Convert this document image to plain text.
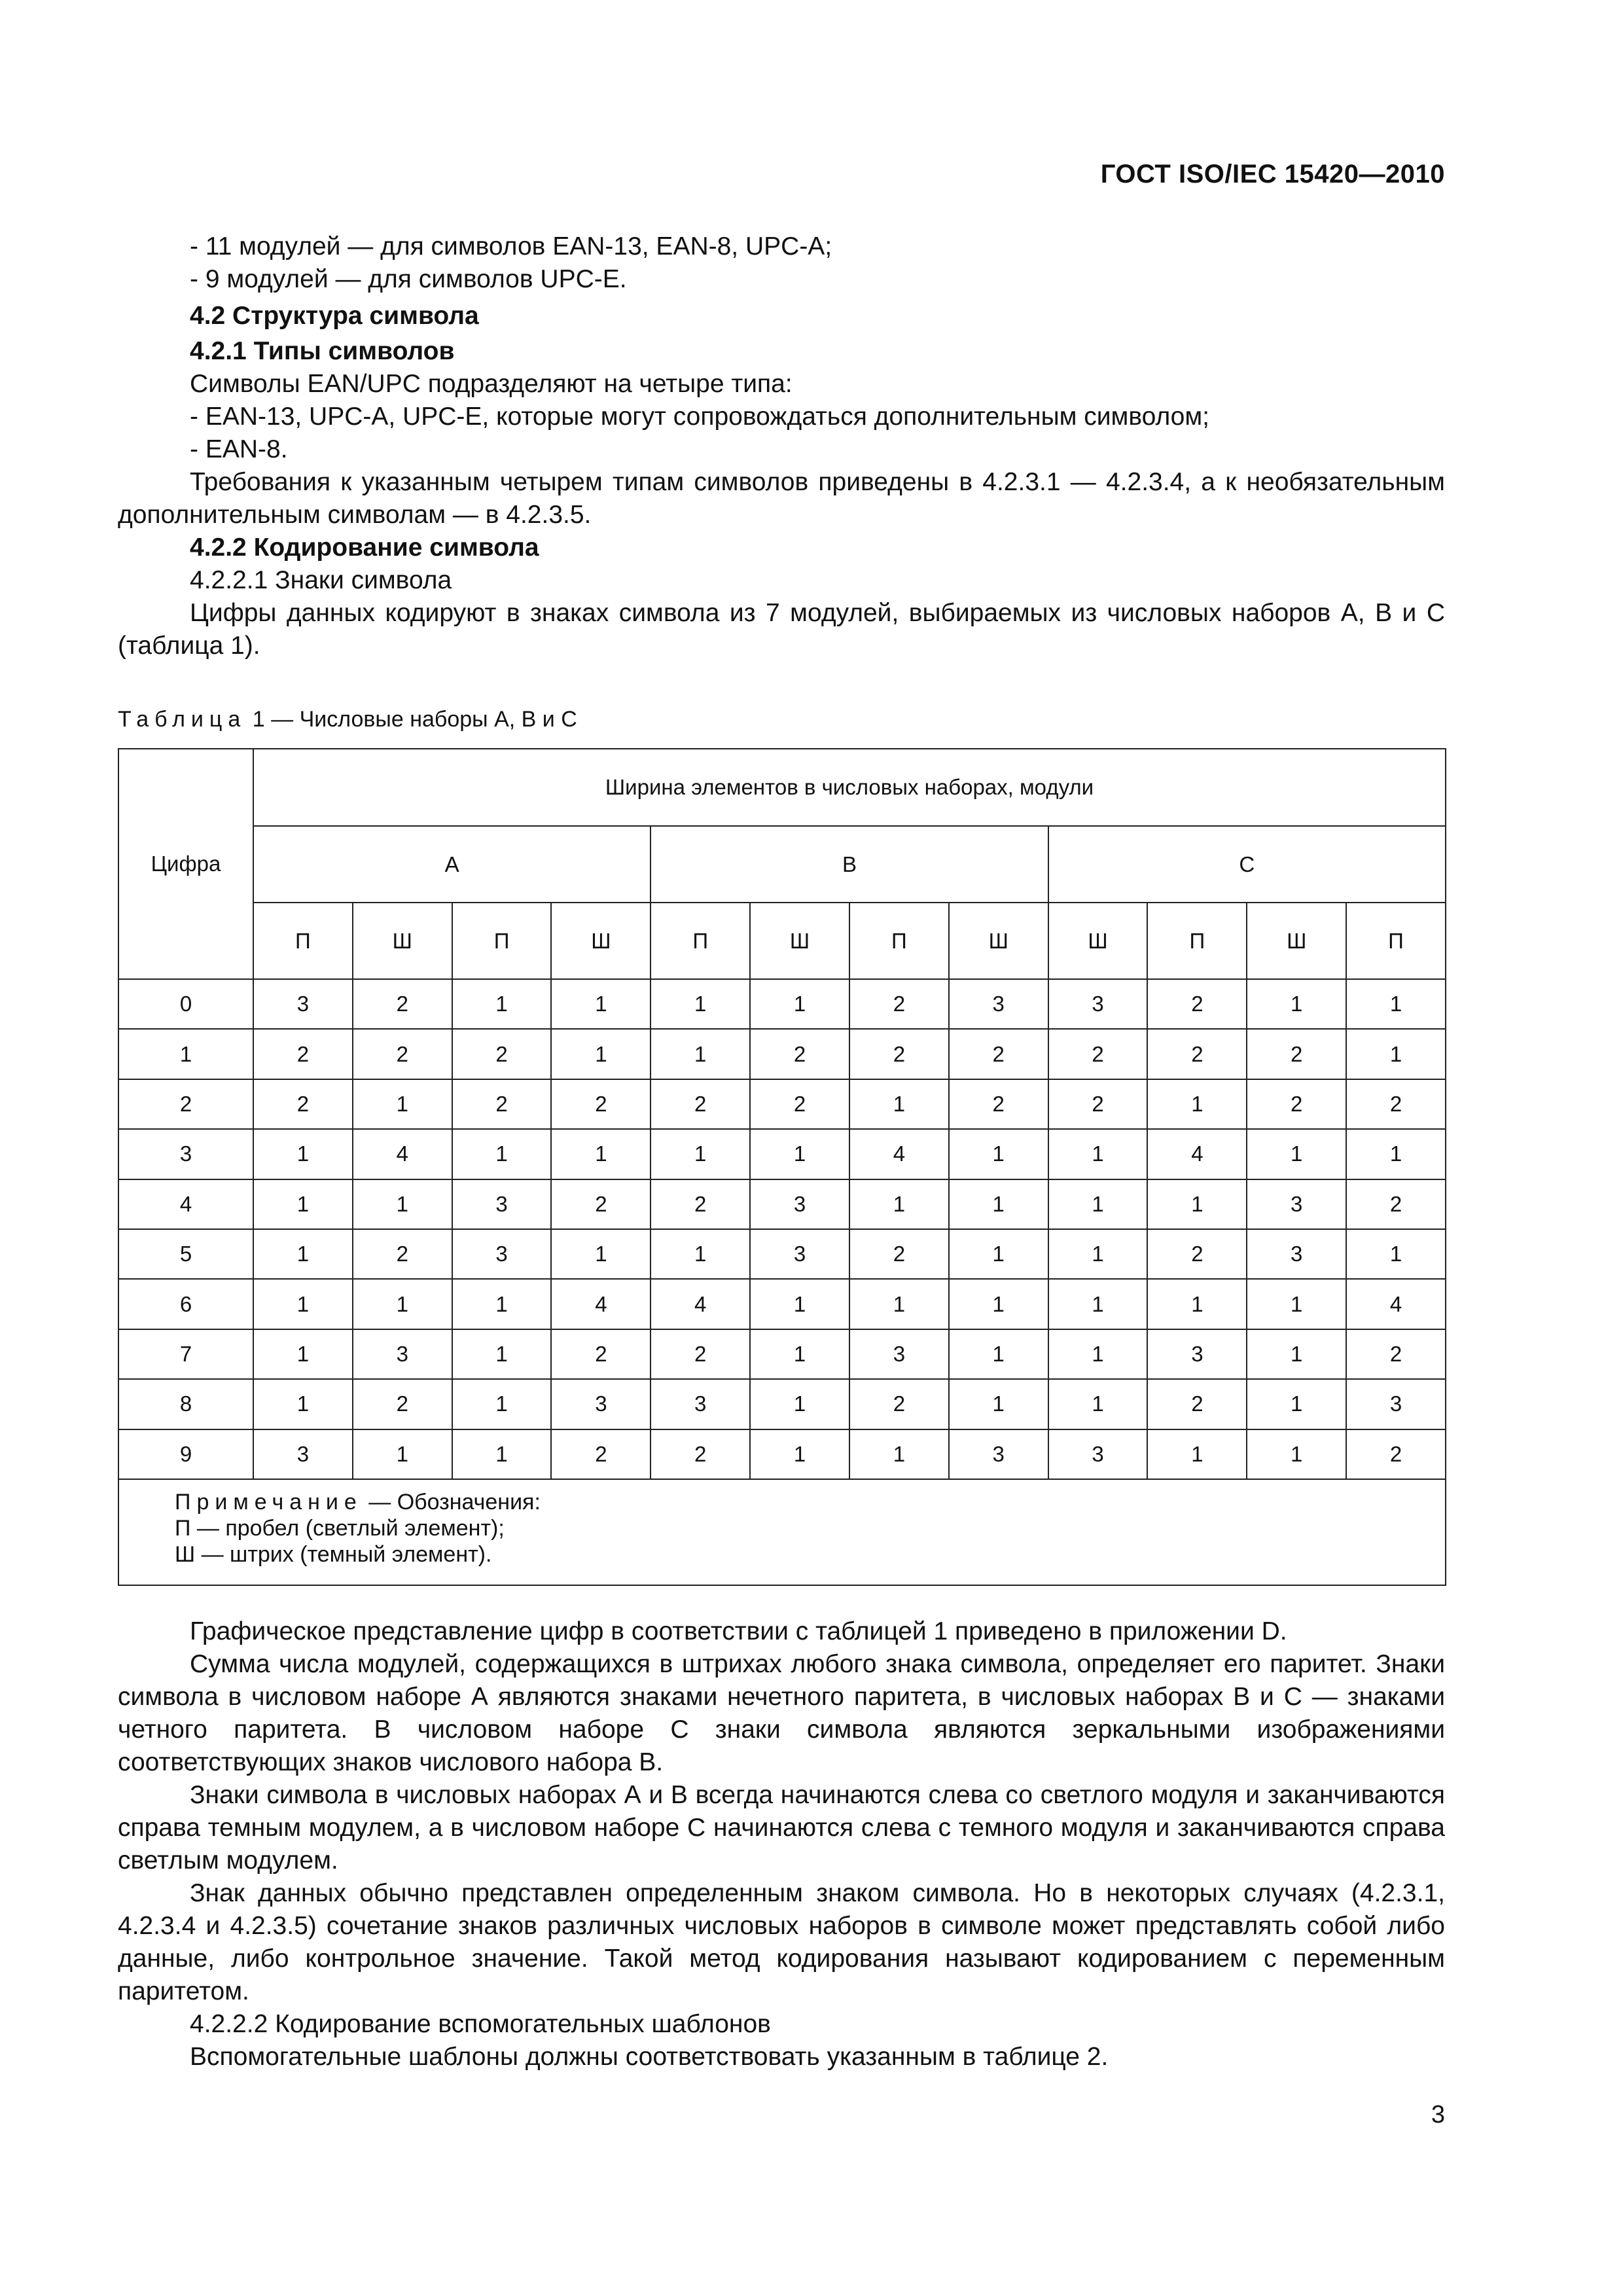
ГОСТ ISO/IEC 15420—2010

- 11 модулей — для символов EAN-13, EAN-8, UPC-A;

- 9 модулей — для символов UPC-E.

4.2 Структура символа

4.2.1 Типы символов

Символы EAN/UPC подразделяют на четыре типа:

- EAN-13, UPC-A, UPC-E, которые могут сопровождаться дополнительным символом;

- EAN-8.

Требования к указанным четырем типам символов приведены в 4.2.3.1 — 4.2.3.4, а к необязательным дополнительным символам — в 4.2.3.5.

4.2.2 Кодирование символа

4.2.2.1 Знаки символа

Цифры данных кодируют в знаках символа из 7 модулей, выбираемых из числовых наборов А, В и С (таблица 1).

Таблица 1 — Числовые наборы А, В и С
Цифра	Ширина элементов в числовых наборах, модули											
	A				B				C			
	П	Ш	П	Ш	П	Ш	П	Ш	Ш	П	Ш	П
0	3	2	1	1	1	1	2	3	3	2	1	1
1	2	2	2	1	1	2	2	2	2	2	2	1
2	2	1	2	2	2	2	1	2	2	1	2	2
3	1	4	1	1	1	1	4	1	1	4	1	1
4	1	1	3	2	2	3	1	1	1	1	3	2
5	1	2	3	1	1	3	2	1	1	2	3	1
6	1	1	1	4	4	1	1	1	1	1	1	4
7	1	3	1	2	2	1	3	1	1	3	1	2
8	1	2	1	3	3	1	2	1	1	2	1	3
9	3	1	1	2	2	1	1	3	3	1	1	2

Примечание — Обозначения:
П — пробел (светлый элемент);
Ш — штрих (темный элемент).												

Графическое представление цифр в соответствии с таблицей 1 приведено в приложении D.

Сумма числа модулей, содержащихся в штрихах любого знака символа, определяет его паритет. Знаки символа в числовом наборе А являются знаками нечетного паритета, в числовых наборах В и С — знаками четного паритета. В числовом наборе С знаки символа являются зеркальными изображениями соответствующих знаков числового набора В.

Знаки символа в числовых наборах А и В всегда начинаются слева со светлого модуля и заканчиваются справа темным модулем, а в числовом наборе С начинаются слева с темного модуля и заканчиваются справа светлым модулем.

Знак данных обычно представлен определенным знаком символа. Но в некоторых случаях (4.2.3.1, 4.2.3.4 и 4.2.3.5) сочетание знаков различных числовых наборов в символе может представлять собой либо данные, либо контрольное значение. Такой метод кодирования называют кодированием с переменным паритетом.

4.2.2.2 Кодирование вспомогательных шаблонов

Вспомогательные шаблоны должны соответствовать указанным в таблице 2.

3
